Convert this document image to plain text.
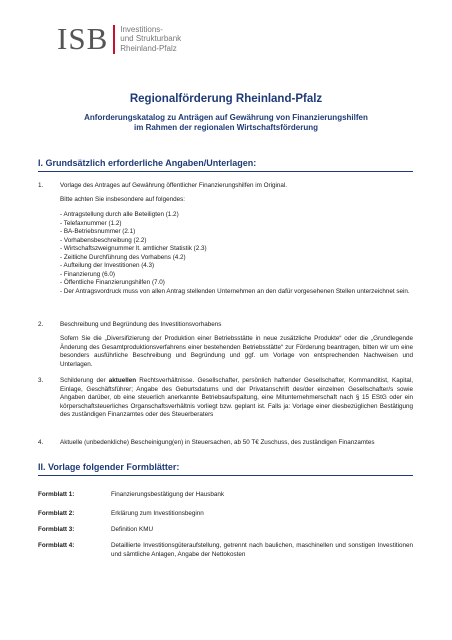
ISB Investitions-
und Strukturbank
Rheinland-Pfalz
Regionalförderung Rheinland-Pfalz
Anforderungskatalog zu Anträgen auf Gewährung von Finanzierungshilfen
im Rahmen der regionalen Wirtschaftsförderung
I. Grundsätzlich erforderliche Angaben/Unterlagen:
1.	Vorlage des Antrages auf Gewährung öffentlicher Finanzierungshilfen im Original.
Bitte achten Sie insbesondere auf folgendes:
- Antragstellung durch alle Beteiligten (1.2)
- Telefaxnummer (1.2)
- BA-Betriebsnummer (2.1)
- Vorhabensbeschreibung (2.2)
- Wirtschaftszweignummer lt. amtlicher Statistik (2.3)
- Zeitliche Durchführung des Vorhabens (4.2)
- Aufteilung der Investitionen (4.3)
- Finanzierung (6.0)
- Öffentliche Finanzierungshilfen (7.0)
- Der Antragsvordruck muss von allen Antrag stellenden Unternehmen an den dafür vorgesehenen Stellen unterzeichnet sein.
2.	Beschreibung und Begründung des Investitionsvorhabens
Sofern Sie die „Diversifizierung der Produktion einer Betriebsstätte in neue zusätzliche Produkte“ oder die „Grundlegende Änderung des Gesamtproduktionsverfahrens einer bestehenden Betriebsstätte“ zur Förderung beantragen, bitten wir um eine besonders ausführliche Beschreibung und Begründung und ggf. um Vorlage von entsprechenden Nachweisen und Unterlagen.
3.	Schilderung der aktuellen Rechtsverhältnisse. Gesellschafter, persönlich haftender Gesellschafter, Kommanditist, Kapital, Einlage, Geschäftsführer; Angabe des Geburtsdatums und der Privatanschrift des/der einzelnen Gesellschafter/s sowie Angaben darüber, ob eine steuerlich anerkannte Betriebsaufspaltung, eine Mitunternehmerschaft nach § 15 EStG oder ein körperschaftsteuerliches Organschaftsverhältnis vorliegt bzw. geplant ist. Falls ja: Vorlage einer diesbezüglichen Bestätigung des zuständigen Finanzamtes oder des Steuerberaters
4.	Aktuelle (unbedenkliche) Bescheinigung(en) in Steuersachen, ab 50 T€ Zuschuss, des zuständigen Finanzamtes
II. Vorlage folgender Formblätter:
Formblatt 1:	Finanzierungsbestätigung der Hausbank
Formblatt 2:	Erklärung zum Investitionsbeginn
Formblatt 3:	Definition KMU
Formblatt 4:	Detaillierte Investitionsgüteraufstellung, getrennt nach baulichen, maschinellen und sonstigen Investitionen und sämtliche Anlagen, Angabe der Nettokosten
